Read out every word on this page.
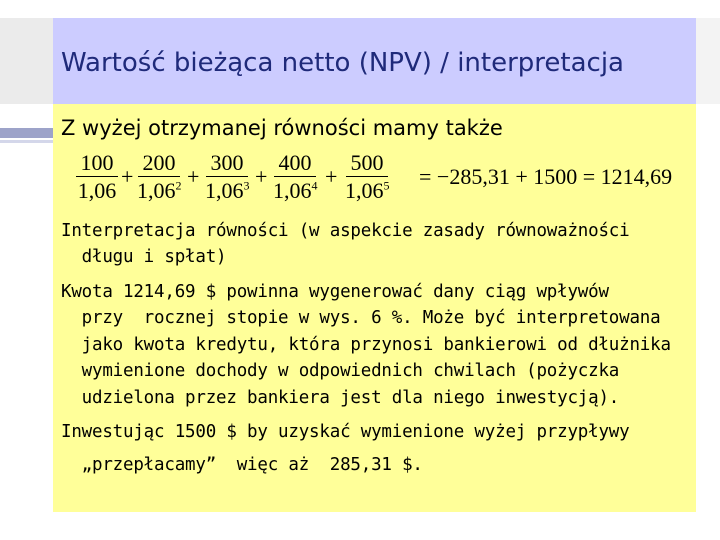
Wartość bieżąca netto (NPV) / interpretacja
Z wyżej otrzymanej równości mamy także
100
1,06
+
200
$1,06^2$ +
300
$1,06^3$ +
400
$1,06^4$ +
500
$1,06^5 = -285,31 + 1500 = 1214,69$
Interpretacja równości (w aspekcie zasady równoważności
długu i spłat)
Kwota 1214,69 $ powinna wygenerować dany ciąg wpływów
przy  rocznej stopie w wys. 6 %. Może być interpretowana
jako kwota kredytu, która przynosi bankierowi od dłużnika
wymienione dochody w odpowiednich chwilach (pożyczka
udzielona przez bankiera jest dla niego inwestycją).
Inwestując 1500 $ by uzyskać wymienione wyżej przypływy
„przepłacamy”  więc aż  285,31 $.
